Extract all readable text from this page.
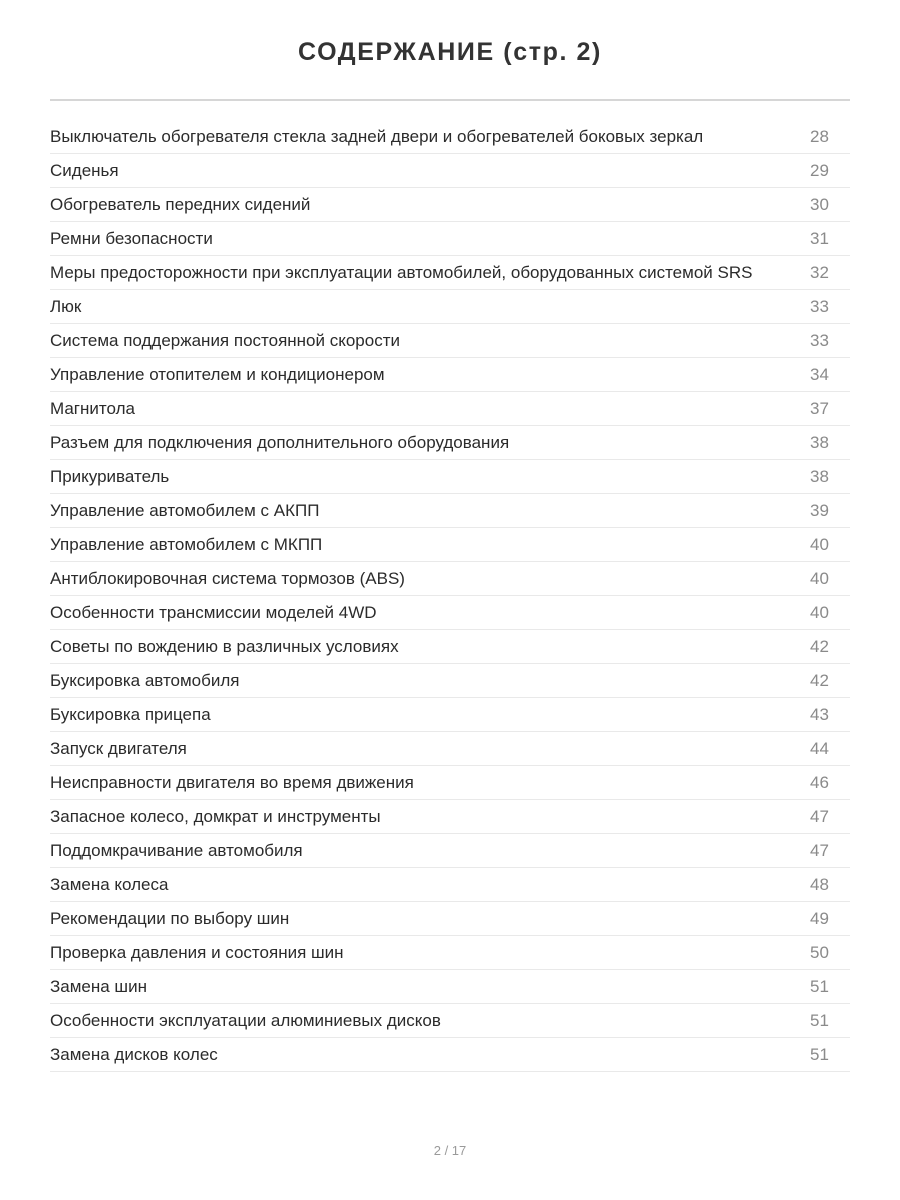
СОДЕРЖАНИЕ (стр. 2)
Выключатель обогревателя стекла задней двери и обогревателей боковых зеркал	28
Сиденья	29
Обогреватель передних сидений	30
Ремни безопасности	31
Меры предосторожности при эксплуатации автомобилей, оборудованных системой SRS	32
Люк	33
Система поддержания постоянной скорости	33
Управление отопителем и кондиционером	34
Магнитола	37
Разъем для подключения дополнительного оборудования	38
Прикуриватель	38
Управление автомобилем с АКПП	39
Управление автомобилем с МКПП	40
Антиблокировочная система тормозов (ABS)	40
Особенности трансмиссии моделей 4WD	40
Советы по вождению в различных условиях	42
Буксировка автомобиля	42
Буксировка прицепа	43
Запуск двигателя	44
Неисправности двигателя во время движения	46
Запасное колесо, домкрат и инструменты	47
Поддомкрачивание автомобиля	47
Замена колеса	48
Рекомендации по выбору шин	49
Проверка давления и состояния шин	50
Замена шин	51
Особенности эксплуатации алюминиевых дисков	51
Замена дисков колес	51
2 / 17
